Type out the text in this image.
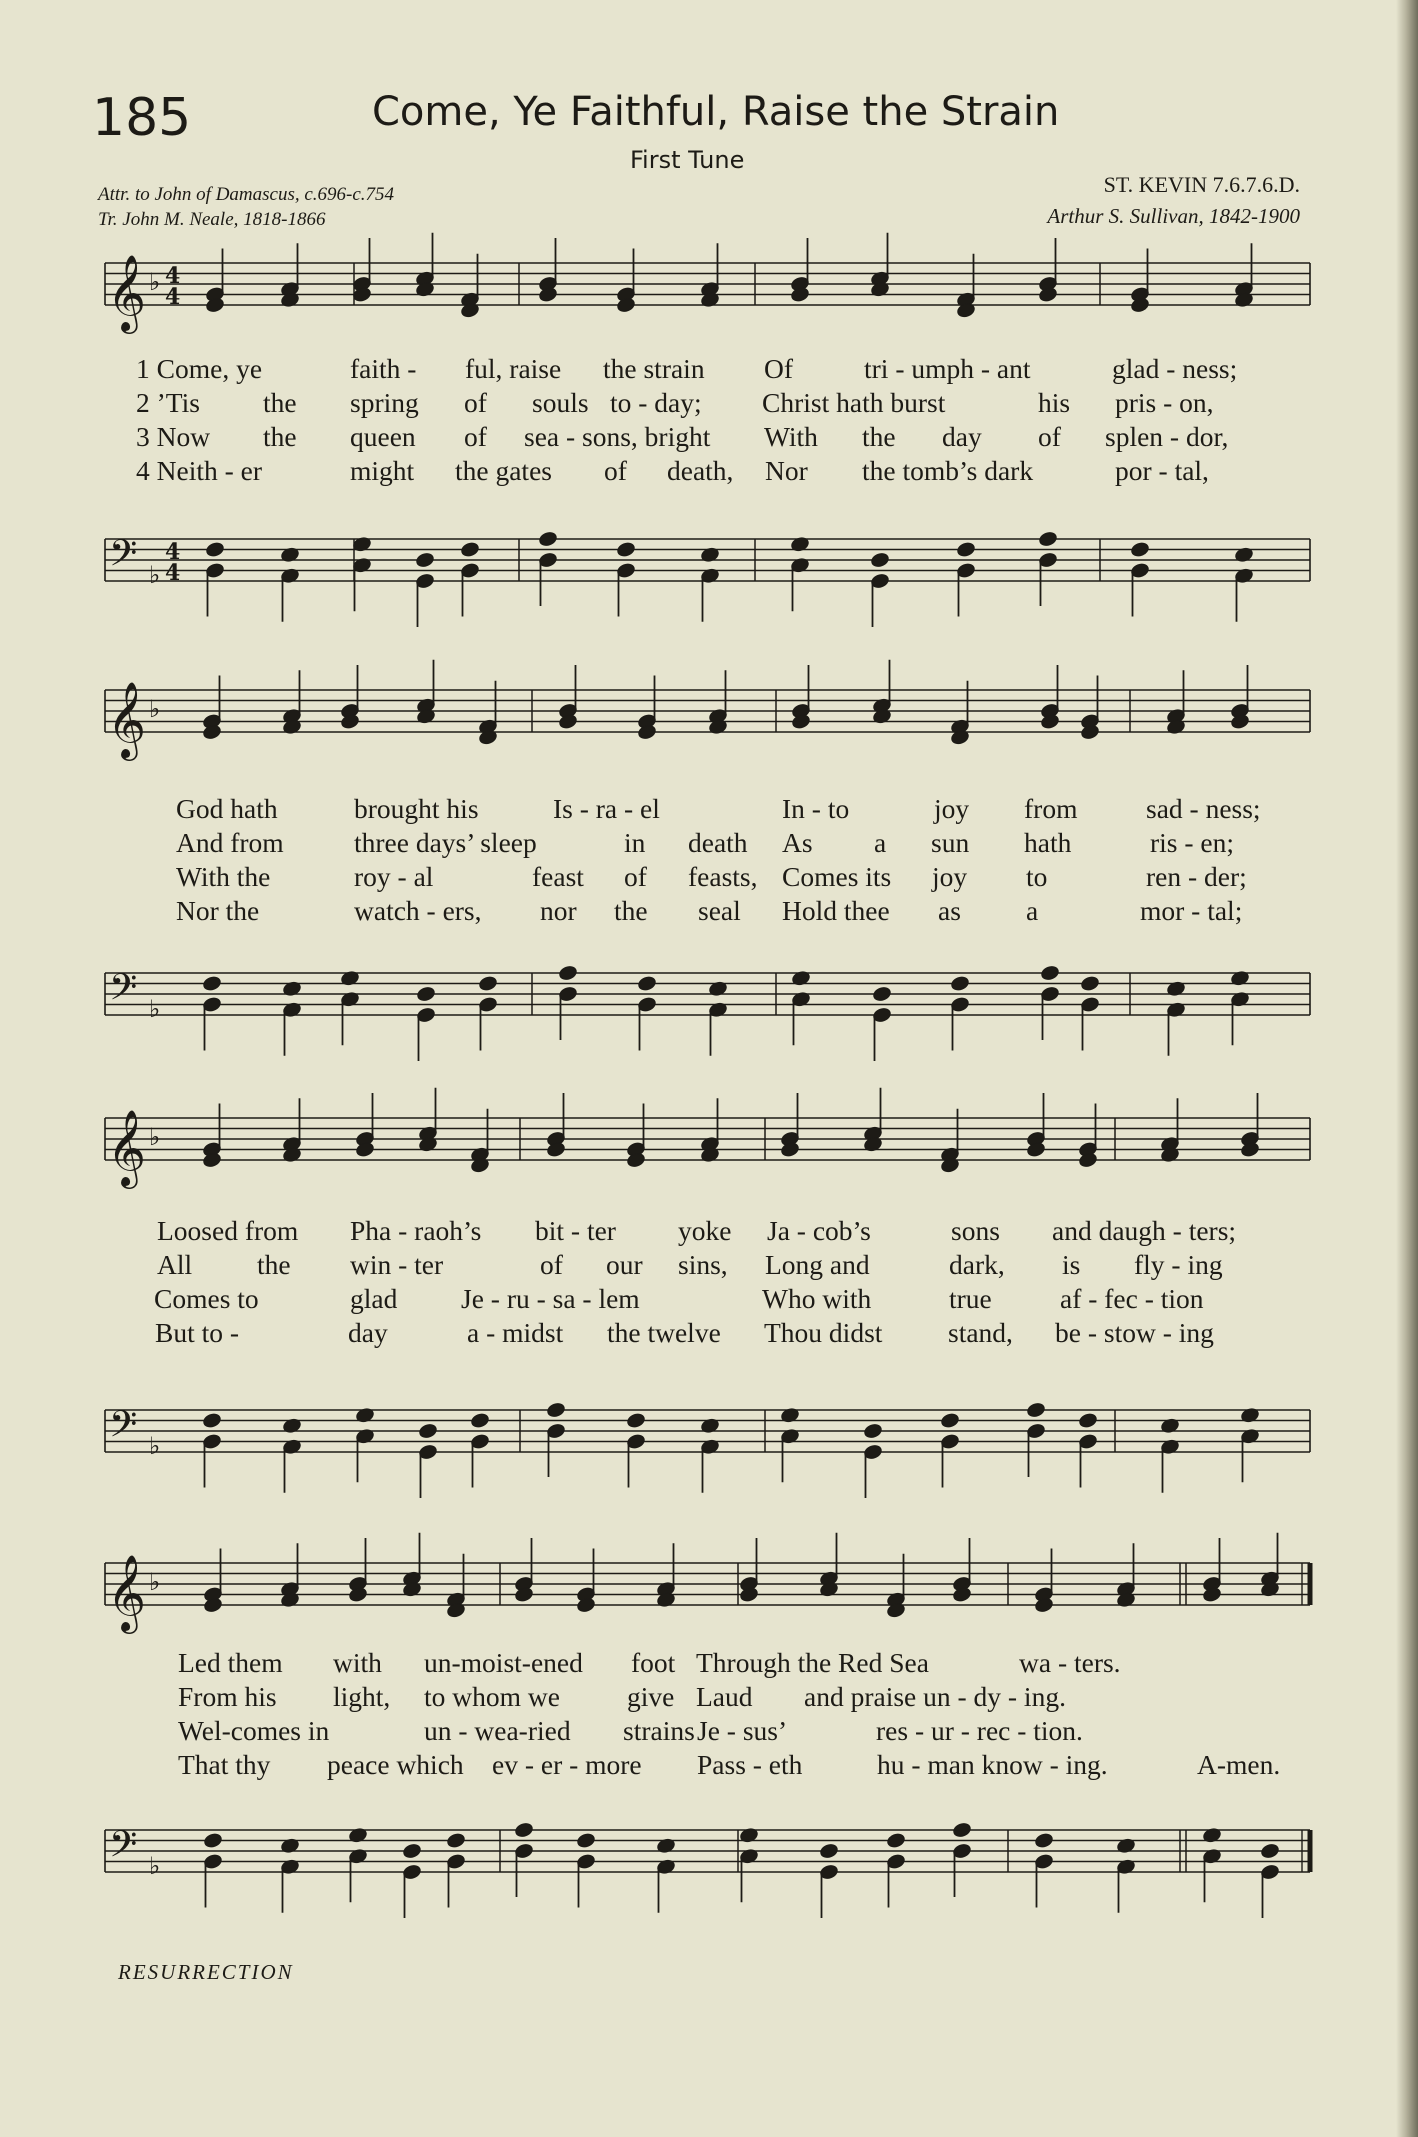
185	Come, Ye Faithful, Raise the Strain
First Tune
Attr. to John of Damascus, c.696-c.754
Tr. John M. Neale, 1818-1866
ST. KEVIN 7.6.7.6.D.
Arthur S. Sullivan, 1842-1900
𝄞
𝄢
♭
♭
4
4
4
4
1 Come, ye	faith - ful, raise the strain Of	tri - umph - ant	glad - ness;
2 ’Tis the spring of souls to - day; Christ hath burst	his pris - on,
3 Now the queen of sea - sons, bright With the day of splen - dor,
4 Neith - er	might the gates of death, Nor the tomb’s dark	por - tal,
𝄞
𝄢
♭
♭
God hath	brought his	Is - ra - el	In - to	joy from sad - ness;
And from	three days’ sleep	in death As a sun hath	ris - en;
With the	roy - al	feast of feasts, Comes its joy to	ren - der;
Nor the	watch - ers, nor the seal Hold thee as a	mor - tal;
𝄞
𝄢
♭
♭
Loosed from Pha - raoh’s bit - ter yoke Ja - cob’s	sons and daugh - ters;
All the win - ter	of our sins, Long and	dark, is fly - ing
Comes to	glad Je - ru - sa - lem	Who with	true af - fec - tion
But to -	day	a - midst the twelve Thou didst stand, be - stow - ing
𝄞
𝄢
♭
♭
Led them with un-moist-ened foot Through the Red Sea	wa - ters.
From his light, to whom we give Laud and praise un - dy - ing.
Wel-comes in	un - wea-ried strains Je - sus’	res - ur - rec - tion.
That thy peace which ev - er - more Pass - eth	hu - man know - ing.	A-men.
RESURRECTION
